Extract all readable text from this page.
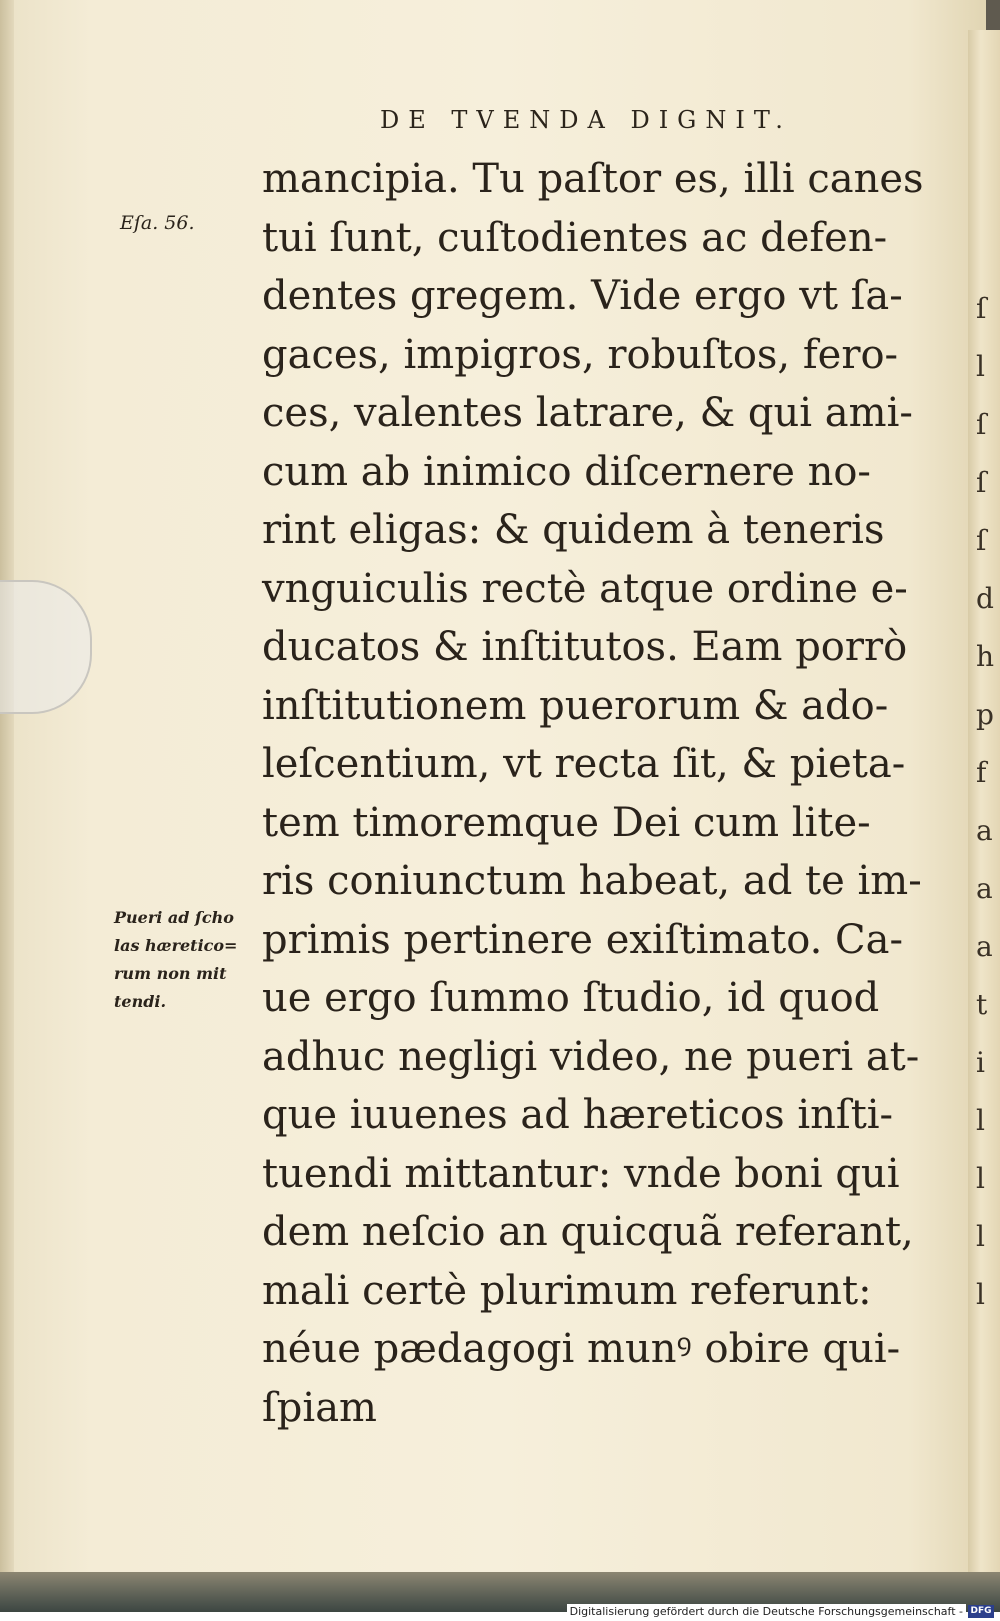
ſ
l
ſ
ſ
ſ
d
h
p
f
a
a
a
t
i
l
l
l
l
DE TVENDA DIGNIT.
Eſa. 56.
Pueri ad ſcho
las hæretico=
rum non mit
tendi.
mancipia. Tu paſtor es, illi canes
tui ſunt, cuſtodientes ac defen-
dentes gregem. Vide ergo vt ſa-
gaces, impigros, robuſtos, fero-
ces, valentes latrare, & qui ami-
cum ab inimico diſcernere no-
rint eligas: & quidem à teneris
vnguiculis rectè atque ordine e-
ducatos & inſtitutos. Eam porrò
inſtitutionem puerorum & ado-
leſcentium, vt recta ſit, & pieta-
tem timoremque Dei cum lite-
ris coniunctum habeat, ad te im-
primis pertinere exiſtimato. Ca-
ue ergo ſummo ſtudio, id quod
adhuc negligi video, ne pueri at-
que iuuenes ad hæreticos inſti-
tuendi mittantur: vnde boni qui
dem neſcio an quicquã referant,
mali certè plurimum referunt:
néue pædagogi munꝰ obire qui-
ſpiam
Digitalisierung gefördert durch die Deutsche Forschungsgemeinschaft - DFG
